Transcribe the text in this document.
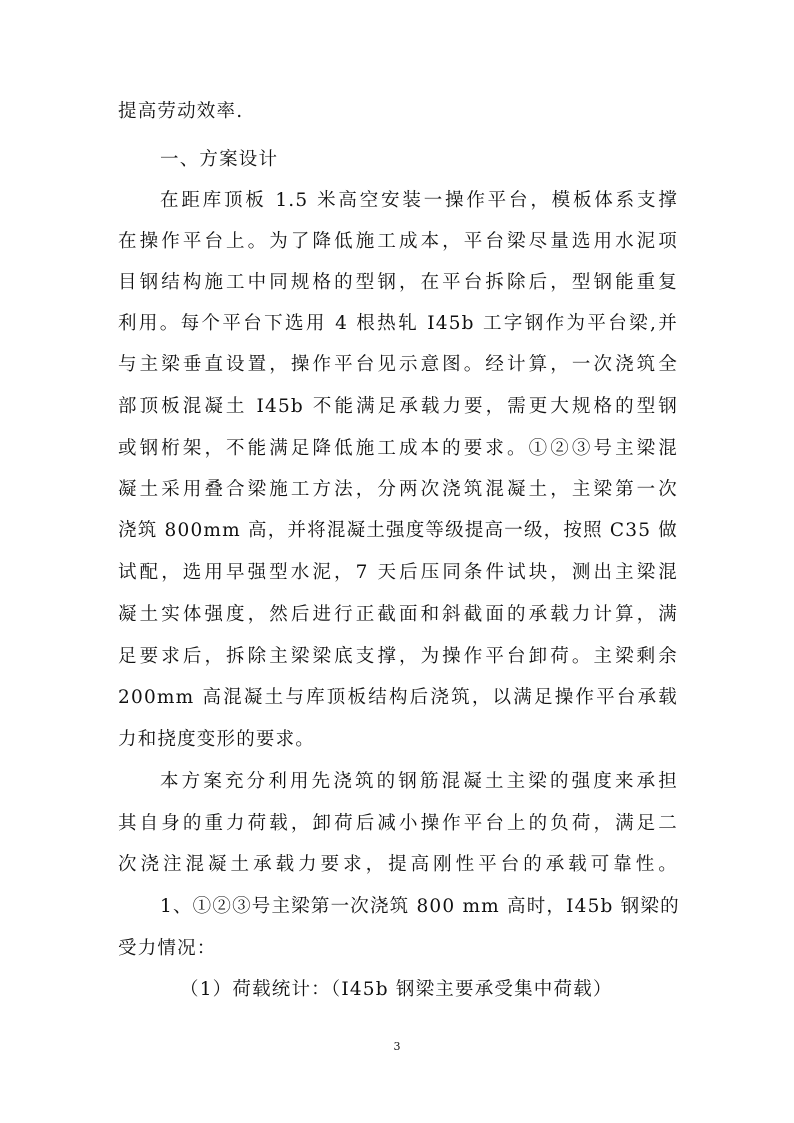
提高劳动效率.
一、方案设计
在距库顶板 1.5 米高空安装一操作平台，模板体系支撑
在操作平台上。为了降低施工成本，平台梁尽量选用水泥项
目钢结构施工中同规格的型钢，在平台拆除后，型钢能重复
利用。每个平台下选用 4 根热轧 I45b 工字钢作为平台梁,并
与主梁垂直设置，操作平台见示意图。经计算，一次浇筑全
部顶板混凝土 I45b 不能满足承载力要，需更大规格的型钢
或钢桁架，不能满足降低施工成本的要求。①②③号主梁混
凝土采用叠合梁施工方法，分两次浇筑混凝土，主梁第一次
浇筑 800mm 高，并将混凝土强度等级提高一级，按照 C35 做
试配，选用早强型水泥，7 天后压同条件试块，测出主梁混
凝土实体强度，然后进行正截面和斜截面的承载力计算，满
足要求后，拆除主梁梁底支撑，为操作平台卸荷。主梁剩余
200mm 高混凝土与库顶板结构后浇筑，以满足操作平台承载
力和挠度变形的要求。
本方案充分利用先浇筑的钢筋混凝土主梁的强度来承担
其自身的重力荷载，卸荷后减小操作平台上的负荷，满足二
次浇注混凝土承载力要求，提高刚性平台的承载可靠性。
1、①②③号主梁第一次浇筑 800 mm 高时，I45b 钢梁的
受力情况：
（1）荷载统计：（I45b 钢梁主要承受集中荷载）
3
